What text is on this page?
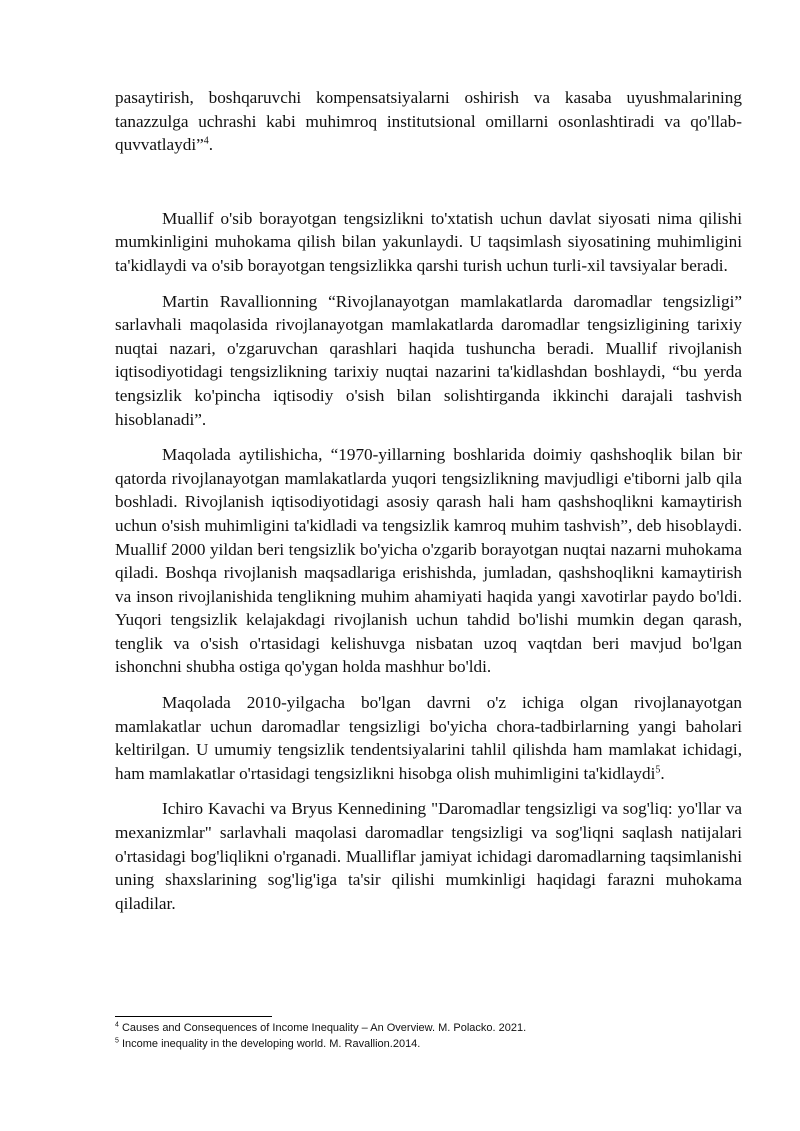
pasaytirish, boshqaruvchi kompensatsiyalarni oshirish va kasaba uyushmalarining tanazzulga uchrashi kabi muhimroq institutsional omillarni osonlashtiradi va qo'llab-quvvatlaydi”$^4$.

Muallif o'sib borayotgan tengsizlikni to'xtatish uchun davlat siyosati nima qilishi mumkinligini muhokama qilish bilan yakunlaydi. U taqsimlash siyosatining muhimligini ta'kidlaydi va o'sib borayotgan tengsizlikka qarshi turish uchun turli-xil tavsiyalar beradi.

Martin Ravallionning “Rivojlanayotgan mamlakatlarda daromadlar tengsizligi” sarlavhali maqolasida rivojlanayotgan mamlakatlarda daromadlar tengsizligining tarixiy nuqtai nazari, o'zgaruvchan qarashlari haqida tushuncha beradi. Muallif rivojlanish iqtisodiyotidagi tengsizlikning tarixiy nuqtai nazarini ta'kidlashdan boshlaydi, “bu yerda tengsizlik ko'pincha iqtisodiy o'sish bilan solishtirganda ikkinchi darajali tashvish hisoblanadi”.

Maqolada aytilishicha, “1970-yillarning boshlarida doimiy qashshoqlik bilan bir qatorda rivojlanayotgan mamlakatlarda yuqori tengsizlikning mavjudligi e'tiborni jalb qila boshladi. Rivojlanish iqtisodiyotidagi asosiy qarash hali ham qashshoqlikni kamaytirish uchun o'sish muhimligini ta'kidladi va tengsizlik kamroq muhim tashvish”, deb hisoblaydi. Muallif 2000 yildan beri tengsizlik bo'yicha o'zgarib borayotgan nuqtai nazarni muhokama qiladi. Boshqa rivojlanish maqsadlariga erishishda, jumladan, qashshoqlikni kamaytirish va inson rivojlanishida tenglikning muhim ahamiyati haqida yangi xavotirlar paydo bo'ldi. Yuqori tengsizlik kelajakdagi rivojlanish uchun tahdid bo'lishi mumkin degan qarash, tenglik va o'sish o'rtasidagi kelishuvga nisbatan uzoq vaqtdan beri mavjud bo'lgan ishonchni shubha ostiga qo'ygan holda mashhur bo'ldi.

Maqolada 2010-yilgacha bo'lgan davrni o'z ichiga olgan rivojlanayotgan mamlakatlar uchun daromadlar tengsizligi bo'yicha chora-tadbirlarning yangi baholari keltirilgan. U umumiy tengsizlik tendentsiyalarini tahlil qilishda ham mamlakat ichidagi, ham mamlakatlar o'rtasidagi tengsizlikni hisobga olish muhimligini ta'kidlaydi$^5$.

Ichiro Kavachi va Bryus Kennedining "Daromadlar tengsizligi va sog'liq: yo'llar va mexanizmlar" sarlavhali maqolasi daromadlar tengsizligi va sog'liqni saqlash natijalari o'rtasidagi bog'liqlikni o'rganadi. Mualliflar jamiyat ichidagi daromadlarning taqsimlanishi uning shaxslarining sog'lig'iga ta'sir qilishi mumkinligi haqidagi farazni muhokama qiladilar.

$^4$ Causes and Consequences of Income Inequality – An Overview. M. Polacko. 2021.
$^5$ Income inequality in the developing world. M. Ravallion.2014.
